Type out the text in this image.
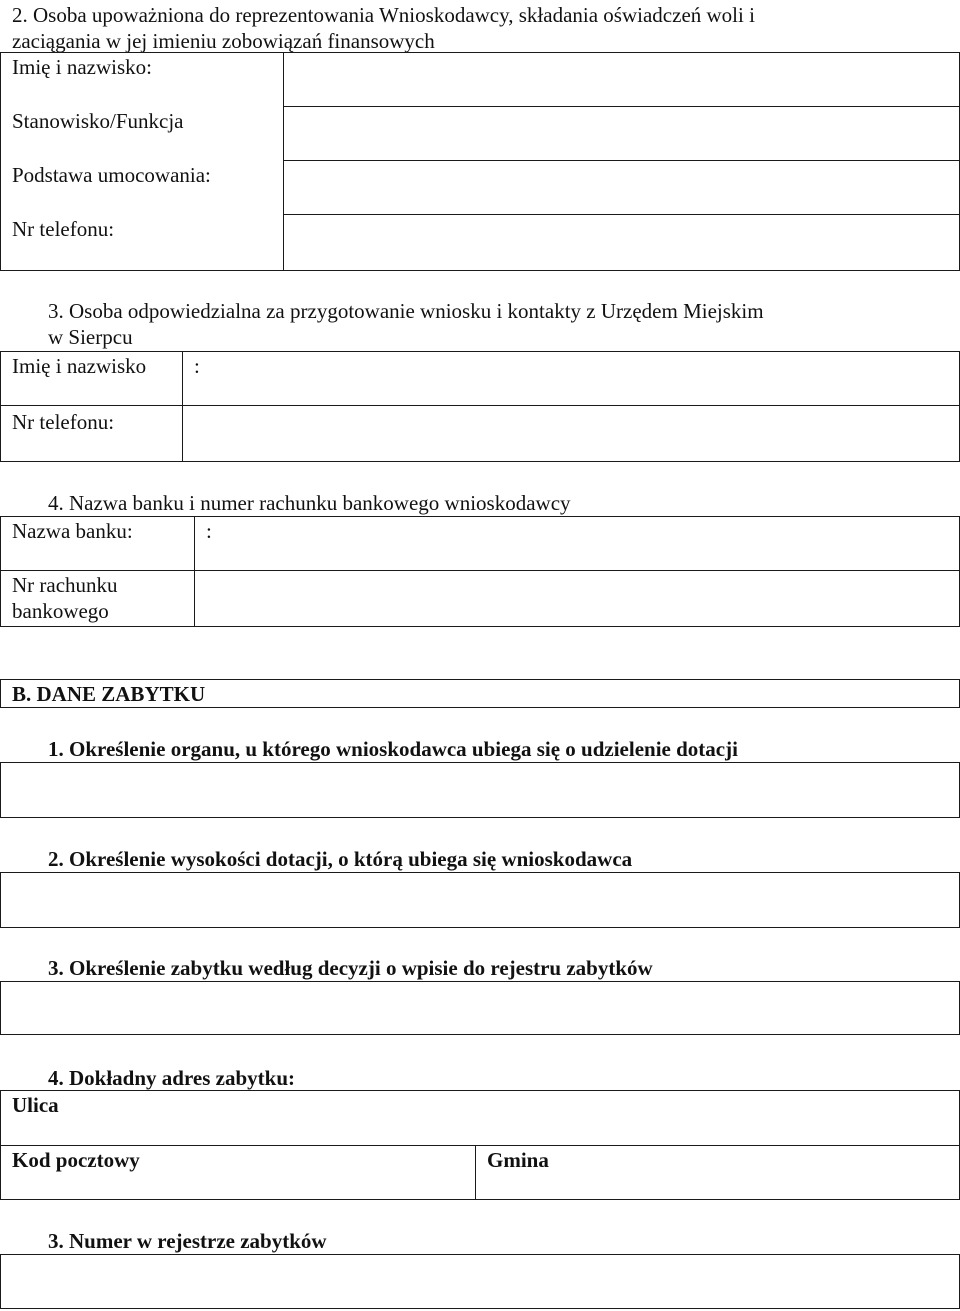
2. Osoba upoważniona do reprezentowania Wnioskodawcy, składania oświadczeń woli i
zaciągania w jej imieniu zobowiązań finansowych
Imię i nazwisko:
Stanowisko/Funkcja
Podstawa umocowania:
Nr telefonu:
3. Osoba odpowiedzialna za przygotowanie wniosku i kontakty z Urzędem Miejskim
w Sierpcu
Imię i nazwisko :
Nr telefonu:
4. Nazwa banku i numer rachunku bankowego wnioskodawcy
Nazwa banku:	:
Nr rachunku
bankowego
B. DANE ZABYTKU
1. Określenie organu, u którego wnioskodawca ubiega się o udzielenie dotacji
2. Określenie wysokości dotacji, o którą ubiega się wnioskodawca
3. Określenie zabytku według decyzji o wpisie do rejestru zabytków
4. Dokładny adres zabytku:
Ulica
Kod pocztowy	Gmina
3. Numer w rejestrze zabytków
